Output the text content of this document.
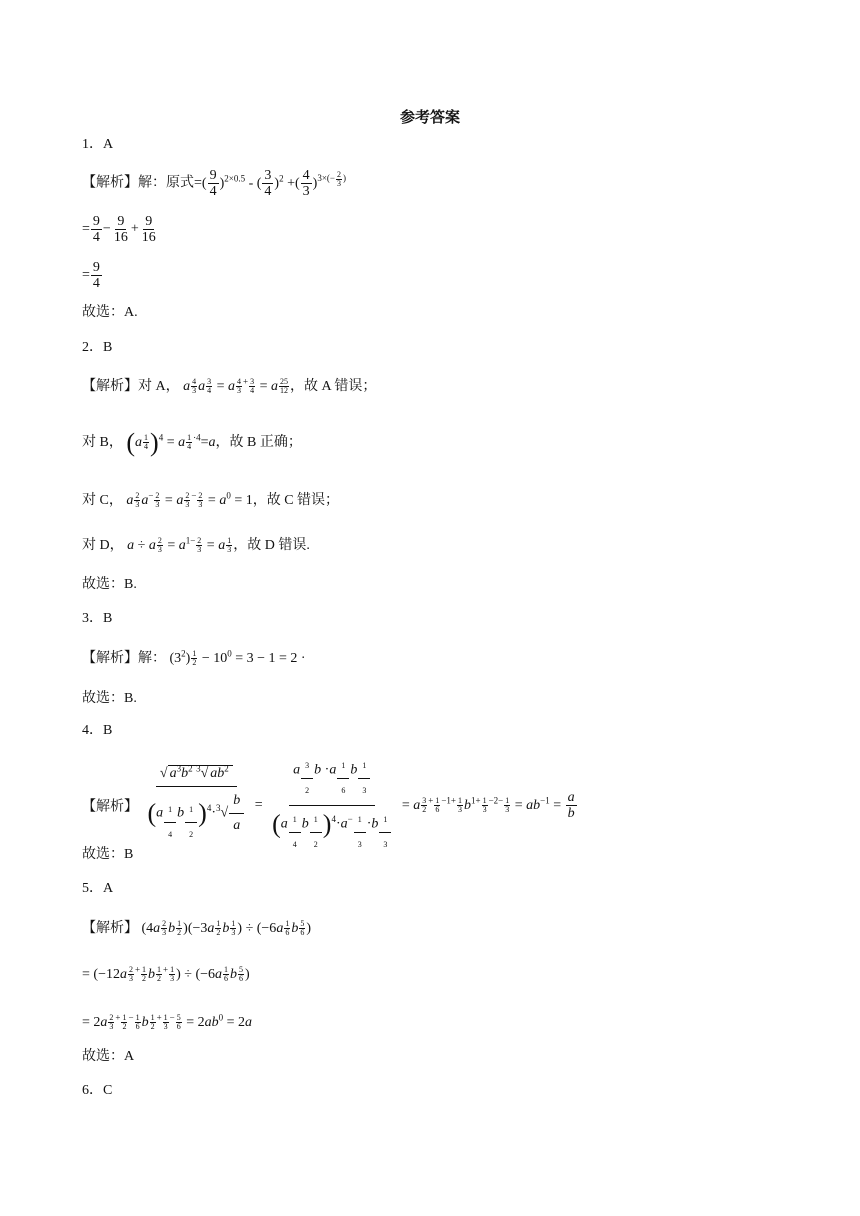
参考答案
1．A
【解析】解：原式=( $\frac{9}{4} )^{2\times 0.5}$ - ( $\frac{3}{4} )^2$ +( $\frac{4}{3} )^{3\times(- \frac{2}{3} )}$
= $\frac{9}{4} - \frac{9}{16} + \frac{9}{16}$
= $\frac{9}{4}$
故选：A.
2．B
【解析】对 A， a $\frac{4}{3}$ a $\frac{3}{4} = a \frac{4}{3} ^+ \frac{3}{4} = a \frac{25}{12}$ ，故 A 错误；
对 B， $(a \frac{1}{4} )^4 = a \frac{1}{4} ^{\cdot 4}=a$，故 B 正确；
对 C， a $\frac{2}{3} a^- \frac{2}{3} = a \frac{2}{3} ^- \frac{2}{3} = a^0 = 1$，故 C 错误；
对 D， a ÷ a $\frac{2}{3} = a^{1-} \frac{2}{3} = a \frac{1}{3}$ ，故 D 错误.
故选：B.
3．B
【解析】解： $(3^2) \frac{1}{2} - 10^0 = 3 - 1 = 2$ ·
故选：B.
4．B
【解析】 $\frac{√ a^3b^2 ^3√ ab^2}{(a \frac{1}{4} b \frac{1}{2} )^4\cdot^3√ \frac{b}{a}} = \frac{a \frac{3}{2} b \cdot a \frac{1}{6} b \frac{1}{3}}{(a \frac{1}{4} b \frac{1}{2} )^4\cdot a^- \frac{1}{3} \cdot b \frac{1}{3}} = a \frac{3}{2} ^+ \frac{1}{6} ^{-1+} \frac{1}{3} b^{1+} \frac{1}{3} ^{-2-} \frac{1}{3} = ab^{-1} = \frac{a}{b}$
故选：B
5．A
【解析】 ($4a \frac{2}{3}$ b $\frac{1}{2} )(-3a \frac{1}{2}$ b $\frac{1}{3}$ ) ÷ ($-6a \frac{1}{6}$ b $\frac{5}{6}$ )
= ($-12a \frac{2}{3} ^+ \frac{1}{2}$ b $\frac{1}{2} ^+ \frac{1}{3}$ ) ÷ ($-6a \frac{1}{6}$ b $\frac{5}{6}$ )
= $2a \frac{2}{3} ^+ \frac{1}{2} ^- \frac{1}{6}$ b $\frac{1}{2} ^+ \frac{1}{3} ^- \frac{5}{6} = 2ab^0 = 2a$
故选：A
6．C
